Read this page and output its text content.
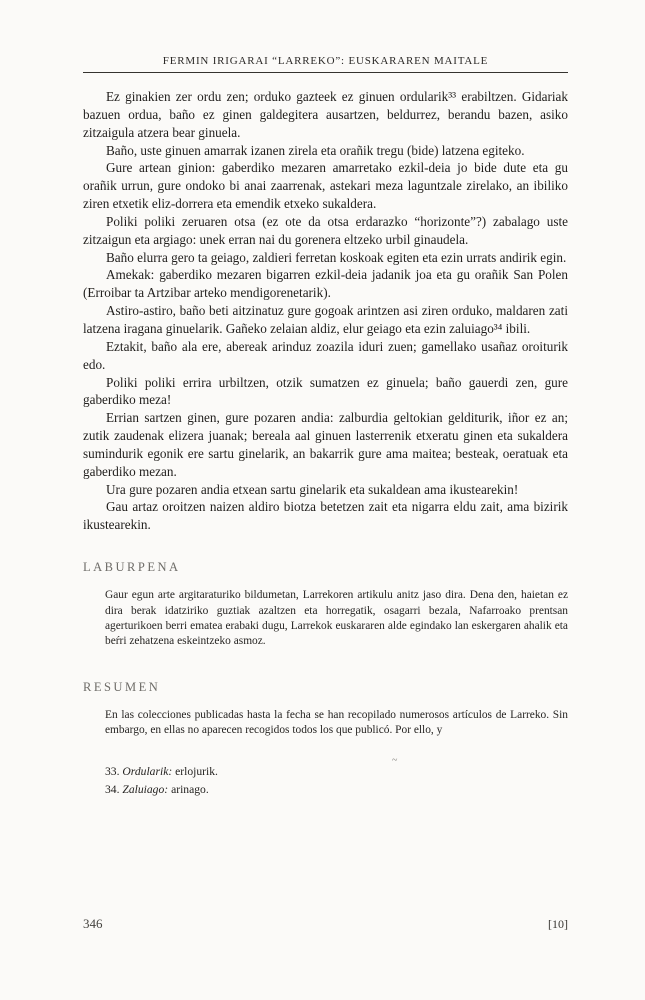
FERMIN IRIGARAI “LARREKO”: EUSKARAREN MAITALE

Ez ginakien zer ordu zen; orduko gazteek ez ginuen ordularik³³ erabiltzen. Gidariak bazuen ordua, baño ez ginen galdegitera ausartzen, beldurrez, berandu bazen, asiko zitzaigula atzera bear ginuela.

Baño, uste ginuen amarrak izanen zirela eta orañik tregu (bide) latzena egiteko.

Gure artean ginion: gaberdiko mezaren amarretako ezkil-deia jo bide dute eta gu orañik urrun, gure ondoko bi anai zaarrenak, astekari meza laguntzale zirelako, an ibiliko ziren etxetik eliz-dorrera eta emendik etxeko sukaldera.

Poliki poliki zeruaren otsa (ez ote da otsa erdarazko “horizonte”?) zabalago uste zitzaigun eta argiago: unek erran nai du gorenera eltzeko urbil ginaudela.

Baño elurra gero ta geiago, zaldieri ferretan koskoak egiten eta ezin urrats andirik egin.

Amekak: gaberdiko mezaren bigarren ezkil-deia jadanik joa eta gu orañik San Polen (Erroibar ta Artzibar arteko mendigorenetarik).

Astiro-astiro, baño beti aitzinatuz gure gogoak arintzen asi ziren orduko, maldaren zati latzena iragana ginuelarik. Gañeko zelaian aldiz, elur geiago eta ezin zaluiago³⁴ ibili.

Eztakit, baño ala ere, abereak arinduz zoazila iduri zuen; gamellako usañaz oroiturik edo.

Poliki poliki errira urbiltzen, otzik sumatzen ez ginuela; baño gauerdi zen, gure gaberdiko meza!

Errian sartzen ginen, gure pozaren andia: zalburdia geltokian gelditurik, iñor ez an; zutik zaudenak elizera juanak; bereala aal ginuen lasterrenik etxeratu ginen eta sukaldera sumindurik egonik ere sartu ginelarik, an bakarrik gure ama maitea; besteak, oeratuak eta gaberdiko mezan.

Ura gure pozaren andia etxean sartu ginelarik eta sukaldean ama ikustearekin!

Gau artaz oroitzen naizen aldiro biotza betetzen zait eta nigarra eldu zait, ama bizirik ikustearekin.

LABURPENA

Gaur egun arte argitaraturiko bildumetan, Larrekoren artikulu anitz jaso dira. Dena den, haietan ez dira berak idatziriko guztiak azaltzen eta horregatik, osagarri bezala, Nafarroako prentsan agerturikoen berri ematea erabaki dugu, Larrekok euskararen alde egindako lan eskergaren ahalik eta beŕri zehatzena eskeintzeko asmoz.

~
RESUMEN

En las colecciones publicadas hasta la fecha se han recopilado numerosos artículos de Larreko. Sin embargo, en ellas no aparecen recogidos todos los que publicó. Por ello, y

33. Ordularik: erlojurik.

34. Zaluiago: arinago.

346	[10]
